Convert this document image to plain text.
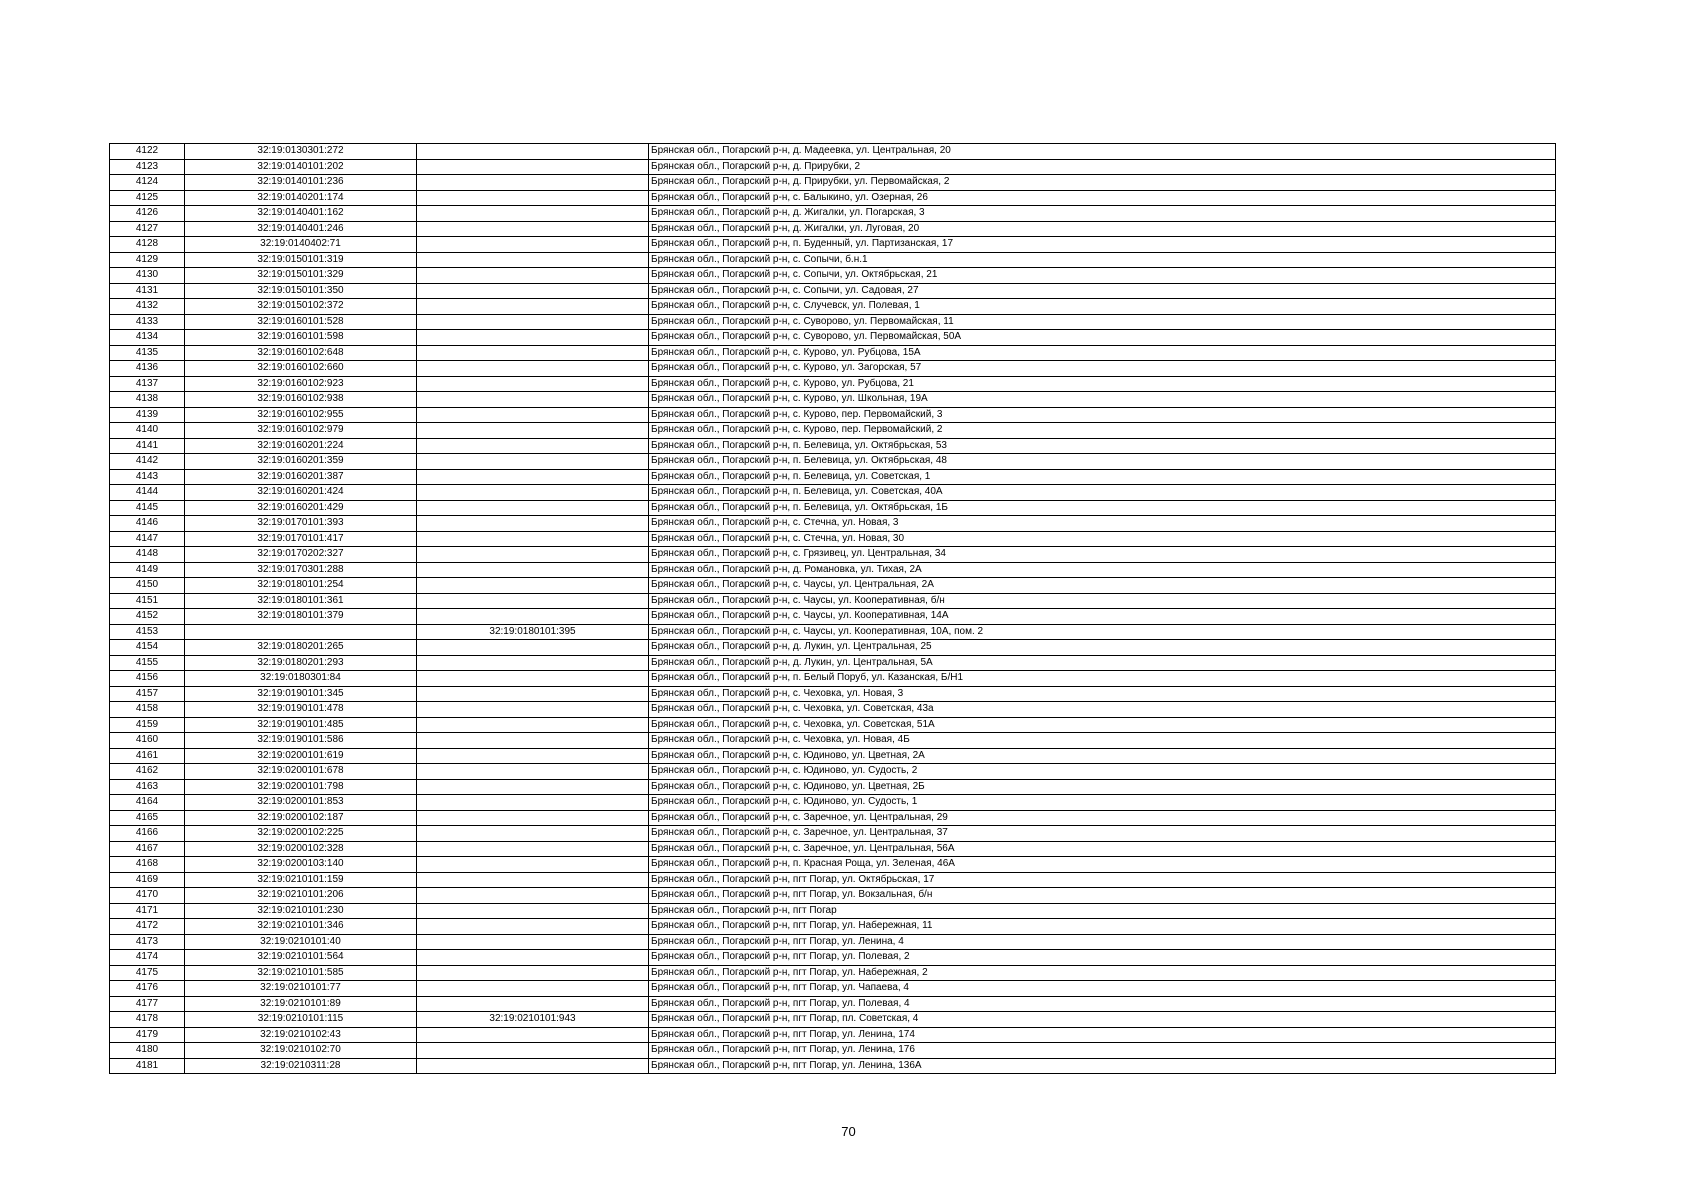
4122	32:19:0130301:272		Брянская обл., Погарский р-н, д. Мадеевка, ул. Центральная, 20
4123	32:19:0140101:202		Брянская обл., Погарский р-н, д. Прирубки, 2
4124	32:19:0140101:236		Брянская обл., Погарский р-н, д. Прирубки, ул. Первомайская, 2
4125	32:19:0140201:174		Брянская обл., Погарский р-н, с. Балыкино, ул. Озерная, 26
4126	32:19:0140401:162		Брянская обл., Погарский р-н, д. Жигалки, ул. Погарская, 3
4127	32:19:0140401:246		Брянская обл., Погарский р-н, д. Жигалки, ул. Луговая, 20
4128	32:19:0140402:71		Брянская обл., Погарский р-н, п. Буденный, ул. Партизанская, 17
4129	32:19:0150101:319		Брянская обл., Погарский р-н, с. Сопычи, б.н.1
4130	32:19:0150101:329		Брянская обл., Погарский р-н, с. Сопычи, ул. Октябрьская, 21
4131	32:19:0150101:350		Брянская обл., Погарский р-н, с. Сопычи, ул. Садовая, 27
4132	32:19:0150102:372		Брянская обл., Погарский р-н, с. Случевск, ул. Полевая, 1
4133	32:19:0160101:528		Брянская обл., Погарский р-н, с. Суворово, ул. Первомайская, 11
4134	32:19:0160101:598		Брянская обл., Погарский р-н, с. Суворово, ул. Первомайская, 50А
4135	32:19:0160102:648		Брянская обл., Погарский р-н, с. Курово, ул. Рубцова, 15А
4136	32:19:0160102:660		Брянская обл., Погарский р-н, с. Курово, ул. Загорская, 57
4137	32:19:0160102:923		Брянская обл., Погарский р-н, с. Курово, ул. Рубцова, 21
4138	32:19:0160102:938		Брянская обл., Погарский р-н, с. Курово, ул. Школьная, 19А
4139	32:19:0160102:955		Брянская обл., Погарский р-н, с. Курово, пер. Первомайский, 3
4140	32:19:0160102:979		Брянская обл., Погарский р-н, с. Курово, пер. Первомайский, 2
4141	32:19:0160201:224		Брянская обл., Погарский р-н, п. Белевица, ул. Октябрьская, 53
4142	32:19:0160201:359		Брянская обл., Погарский р-н, п. Белевица, ул. Октябрьская, 48
4143	32:19:0160201:387		Брянская обл., Погарский р-н, п. Белевица, ул. Советская, 1
4144	32:19:0160201:424		Брянская обл., Погарский р-н, п. Белевица, ул. Советская, 40А
4145	32:19:0160201:429		Брянская обл., Погарский р-н, п. Белевица, ул. Октябрьская, 1Б
4146	32:19:0170101:393		Брянская обл., Погарский р-н, с. Стечна, ул. Новая, 3
4147	32:19:0170101:417		Брянская обл., Погарский р-н, с. Стечна, ул. Новая, 30
4148	32:19:0170202:327		Брянская обл., Погарский р-н, с. Грязивец, ул. Центральная, 34
4149	32:19:0170301:288		Брянская обл., Погарский р-н, д. Романовка, ул. Тихая, 2А
4150	32:19:0180101:254		Брянская обл., Погарский р-н, с. Чаусы, ул. Центральная, 2А
4151	32:19:0180101:361		Брянская обл., Погарский р-н, с. Чаусы, ул. Кооперативная, б/н
4152	32:19:0180101:379		Брянская обл., Погарский р-н, с. Чаусы, ул. Кооперативная, 14А
4153		32:19:0180101:395	Брянская обл., Погарский р-н, с. Чаусы, ул. Кооперативная, 10А, пом. 2
4154	32:19:0180201:265		Брянская обл., Погарский р-н, д. Лукин, ул. Центральная, 25
4155	32:19:0180201:293		Брянская обл., Погарский р-н, д. Лукин, ул. Центральная, 5А
4156	32:19:0180301:84		Брянская обл., Погарский р-н, п. Белый Поруб, ул. Казанская, Б/Н1
4157	32:19:0190101:345		Брянская обл., Погарский р-н, с. Чеховка, ул. Новая, 3
4158	32:19:0190101:478		Брянская обл., Погарский р-н, с. Чеховка, ул. Советская, 43а
4159	32:19:0190101:485		Брянская обл., Погарский р-н, с. Чеховка, ул. Советская, 51А
4160	32:19:0190101:586		Брянская обл., Погарский р-н, с. Чеховка, ул. Новая, 4Б
4161	32:19:0200101:619		Брянская обл., Погарский р-н, с. Юдиново, ул. Цветная, 2А
4162	32:19:0200101:678		Брянская обл., Погарский р-н, с. Юдиново, ул. Судость, 2
4163	32:19:0200101:798		Брянская обл., Погарский р-н, с. Юдиново, ул. Цветная, 2Б
4164	32:19:0200101:853		Брянская обл., Погарский р-н, с. Юдиново, ул. Судость, 1
4165	32:19:0200102:187		Брянская обл., Погарский р-н, с. Заречное, ул. Центральная, 29
4166	32:19:0200102:225		Брянская обл., Погарский р-н, с. Заречное, ул. Центральная, 37
4167	32:19:0200102:328		Брянская обл., Погарский р-н, с. Заречное, ул. Центральная, 56А
4168	32:19:0200103:140		Брянская обл., Погарский р-н, п. Красная Роща, ул. Зеленая, 46А
4169	32:19:0210101:159		Брянская обл., Погарский р-н, пгт Погар, ул. Октябрьская, 17
4170	32:19:0210101:206		Брянская обл., Погарский р-н, пгт Погар, ул. Вокзальная, б/н
4171	32:19:0210101:230		Брянская обл., Погарский р-н, пгт Погар
4172	32:19:0210101:346		Брянская обл., Погарский р-н, пгт Погар, ул. Набережная, 11
4173	32:19:0210101:40		Брянская обл., Погарский р-н, пгт Погар, ул. Ленина, 4
4174	32:19:0210101:564		Брянская обл., Погарский р-н, пгт Погар, ул. Полевая, 2
4175	32:19:0210101:585		Брянская обл., Погарский р-н, пгт Погар, ул. Набережная, 2
4176	32:19:0210101:77		Брянская обл., Погарский р-н, пгт Погар, ул. Чапаева, 4
4177	32:19:0210101:89		Брянская обл., Погарский р-н, пгт Погар, ул. Полевая, 4
4178	32:19:0210101:115	32:19:0210101:943	Брянская обл., Погарский р-н, пгт Погар, пл. Советская, 4
4179	32:19:0210102:43		Брянская обл., Погарский р-н, пгт Погар, ул. Ленина, 174
4180	32:19:0210102:70		Брянская обл., Погарский р-н, пгт Погар, ул. Ленина, 176
4181	32:19:0210311:28		Брянская обл., Погарский р-н, пгт Погар, ул. Ленина, 136А
70
